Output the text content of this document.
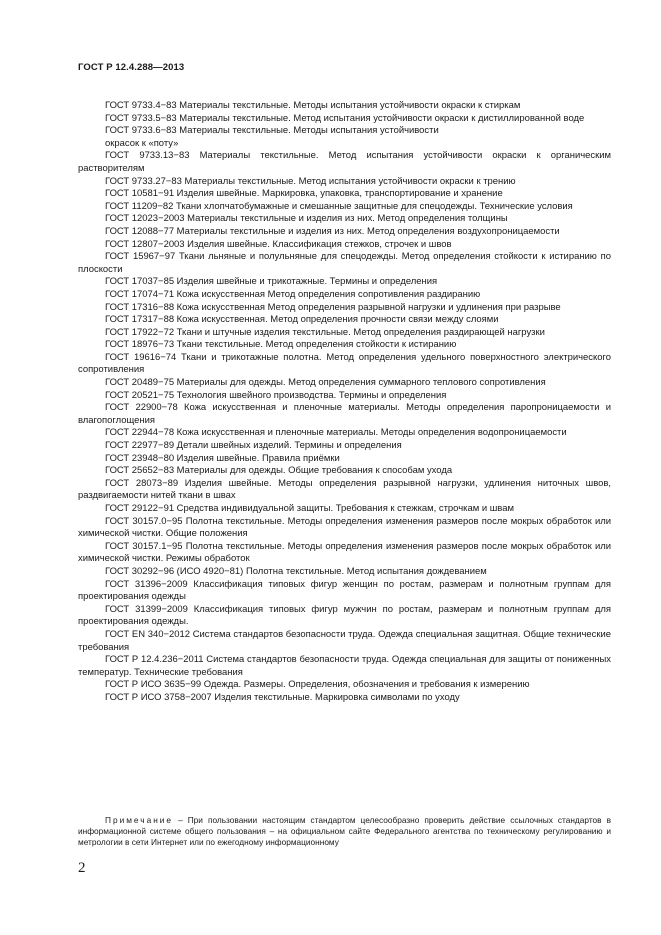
ГОСТ Р 12.4.288—2013

ГОСТ 9733.4−83 Материалы текстильные. Методы испытания устойчивости окраски к стиркам

ГОСТ 9733.5−83 Материалы текстильные. Метод испытания устойчивости окраски к дистиллированной воде

ГОСТ 9733.6−83 Материалы текстильные. Методы испытания устойчивости

окрасок к «поту»

ГОСТ 9733.13−83 Материалы текстильные. Метод испытания устойчивости окраски к органическим растворителям

ГОСТ 9733.27−83 Материалы текстильные. Метод испытания устойчивости окраски к трению

ГОСТ 10581−91 Изделия швейные. Маркировка, упаковка, транспортирование и хранение

ГОСТ 11209−82 Ткани хлопчатобумажные и смешанные защитные для спецодежды. Технические условия

ГОСТ 12023−2003 Материалы текстильные и изделия из них. Метод определения толщины

ГОСТ 12088−77 Материалы текстильные и изделия из них. Метод определения воздухопроницаемости

ГОСТ 12807−2003 Изделия швейные. Классификация стежков, строчек и швов

ГОСТ 15967−97 Ткани льняные и полульняные для спецодежды. Метод определения стойкости к истиранию по плоскости

ГОСТ 17037−85 Изделия швейные и трикотажные. Термины и определения

ГОСТ 17074−71 Кожа искусственная Метод определения сопротивления раздиранию

ГОСТ 17316−88 Кожа искусственная Метод определения разрывной нагрузки и удлинения при разрыве

ГОСТ 17317−88 Кожа искусственная. Метод определения прочности связи между слоями

ГОСТ 17922−72 Ткани и штучные изделия текстильные. Метод определения раздирающей нагрузки

ГОСТ 18976−73 Ткани текстильные. Метод определения стойкости к истиранию

ГОСТ 19616−74 Ткани и трикотажные полотна. Метод определения удельного поверхностного электрического сопротивления

ГОСТ 20489−75 Материалы для одежды. Метод определения суммарного теплового сопротивления

ГОСТ 20521−75 Технология швейного производства. Термины и определения

ГОСТ 22900−78 Кожа искусственная и пленочные материалы. Методы определения паропроницаемости и влагопоглощения

ГОСТ 22944−78 Кожа искусственная и пленочные материалы. Методы определения водопроницаемости

ГОСТ 22977−89 Детали швейных изделий. Термины и определения

ГОСТ 23948−80 Изделия швейные. Правила приёмки

ГОСТ 25652−83 Материалы для одежды. Общие требования к способам ухода

ГОСТ 28073−89 Изделия швейные. Методы определения разрывной нагрузки, удлинения ниточных швов, раздвигаемости нитей ткани в швах

ГОСТ 29122−91 Средства индивидуальной защиты. Требования к стежкам, строчкам и швам

ГОСТ 30157.0−95 Полотна текстильные. Методы определения изменения размеров после мокрых обработок или химической чистки. Общие положения

ГОСТ 30157.1−95 Полотна текстильные. Методы определения изменения размеров после мокрых обработок или химической чистки. Режимы обработок

ГОСТ 30292−96 (ИСО 4920−81) Полотна текстильные. Метод испытания дождеванием

ГОСТ 31396−2009 Классификация типовых фигур женщин по ростам, размерам и полнотным группам для проектирования одежды

ГОСТ 31399−2009 Классификация типовых фигур мужчин по ростам, размерам и полнотным группам для проектирования одежды.

ГОСТ EN 340−2012 Система стандартов безопасности труда. Одежда специальная защитная. Общие технические требования

ГОСТ Р 12.4.236−2011 Система стандартов безопасности труда. Одежда специальная для защиты от пониженных температур. Технические требования

ГОСТ Р ИСО 3635−99 Одежда. Размеры. Определения, обозначения и требования к измерению

ГОСТ Р ИСО 3758−2007 Изделия текстильные. Маркировка символами по уходу

Примечание – При пользовании настоящим стандартом целесообразно проверить действие ссылочных стандартов в информационной системе общего пользования – на официальном сайте Федерального агентства по техническому регулированию и метрологии в сети Интернет или по ежегодному информационному

2
